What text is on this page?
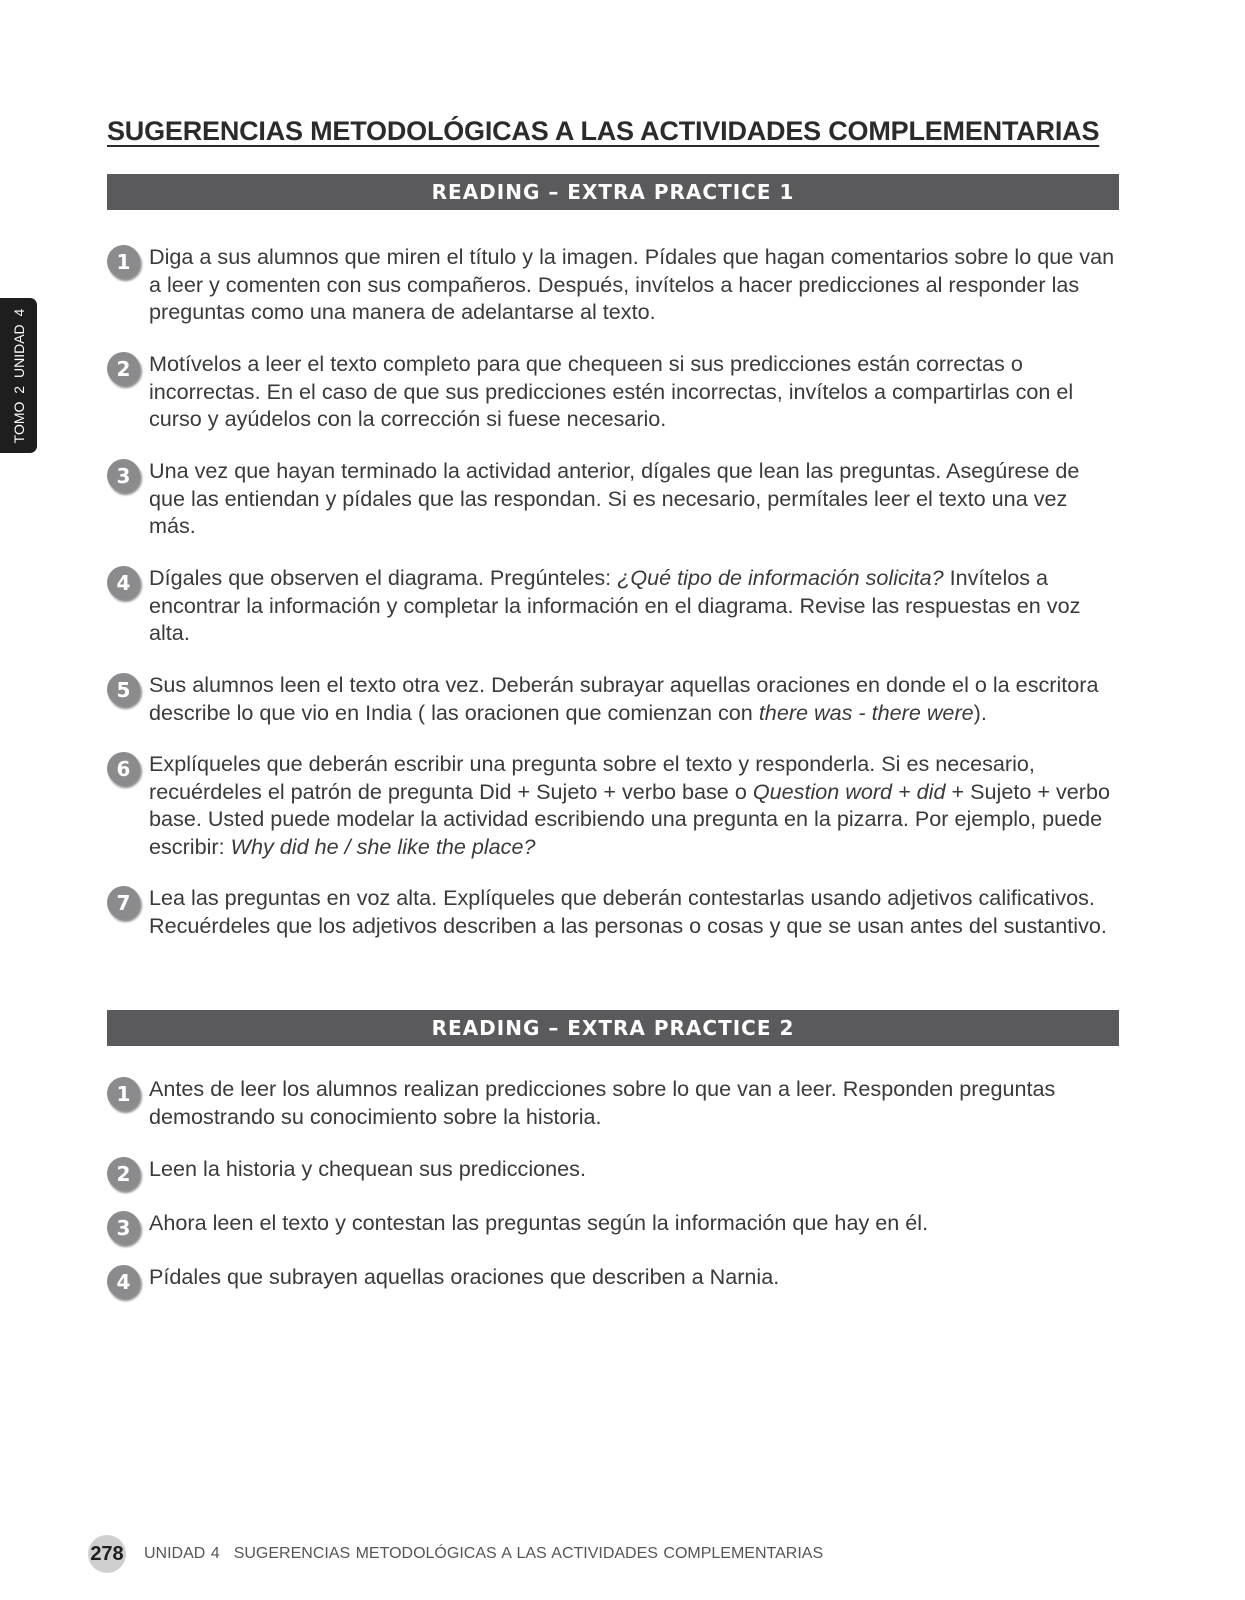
TOMO 2 UNIDAD 4
SUGERENCIAS METODOLÓGICAS A LAS ACTIVIDADES COMPLEMENTARIAS
READING – EXTRA PRACTICE 1
1 Diga a sus alumnos que miren el título y la imagen. Pídales que hagan comentarios sobre lo que van a leer y comenten con sus compañeros. Después, invítelos a hacer predicciones al responder las preguntas como una manera de adelantarse al texto.
2 Motívelos a leer el texto completo para que chequeen si sus predicciones están correctas o incorrectas. En el caso de que sus predicciones estén incorrectas, invítelos a compartirlas con el curso y ayúdelos con la corrección si fuese necesario.
3 Una vez que hayan terminado la actividad anterior, dígales que lean las preguntas. Asegúrese de que las entiendan y pídales que las respondan. Si es necesario, permítales leer el texto una vez más.
4 Dígales que observen el diagrama. Pregúnteles: ¿Qué tipo de información solicita? Invítelos a encontrar la información y completar la información en el diagrama. Revise las respuestas en voz alta.
5 Sus alumnos leen el texto otra vez. Deberán subrayar aquellas oraciones en donde el o la escritora describe lo que vio en India ( las oracionen que comienzan con there was - there were).
6 Explíqueles que deberán escribir una pregunta sobre el texto y responderla. Si es necesario, recuérdeles el patrón de pregunta Did + Sujeto + verbo base o Question word + did + Sujeto + verbo base. Usted puede modelar la actividad escribiendo una pregunta en la pizarra. Por ejemplo, puede escribir: Why did he / she like the place?
7 Lea las preguntas en voz alta. Explíqueles que deberán contestarlas usando adjetivos calificativos. Recuérdeles que los adjetivos describen a las personas o cosas y que se usan antes del sustantivo.
READING – EXTRA PRACTICE 2
1 Antes de leer los alumnos realizan predicciones sobre lo que van a leer. Responden preguntas demostrando su conocimiento sobre la historia.
2 Leen la historia y chequean sus predicciones.
3 Ahora leen el texto y contestan las preguntas según la información que hay en él.
4 Pídales que subrayen aquellas oraciones que describen a Narnia.
278 UNIDAD 4 SUGERENCIAS METODOLÓGICAS A LAS ACTIVIDADES COMPLEMENTARIAS
